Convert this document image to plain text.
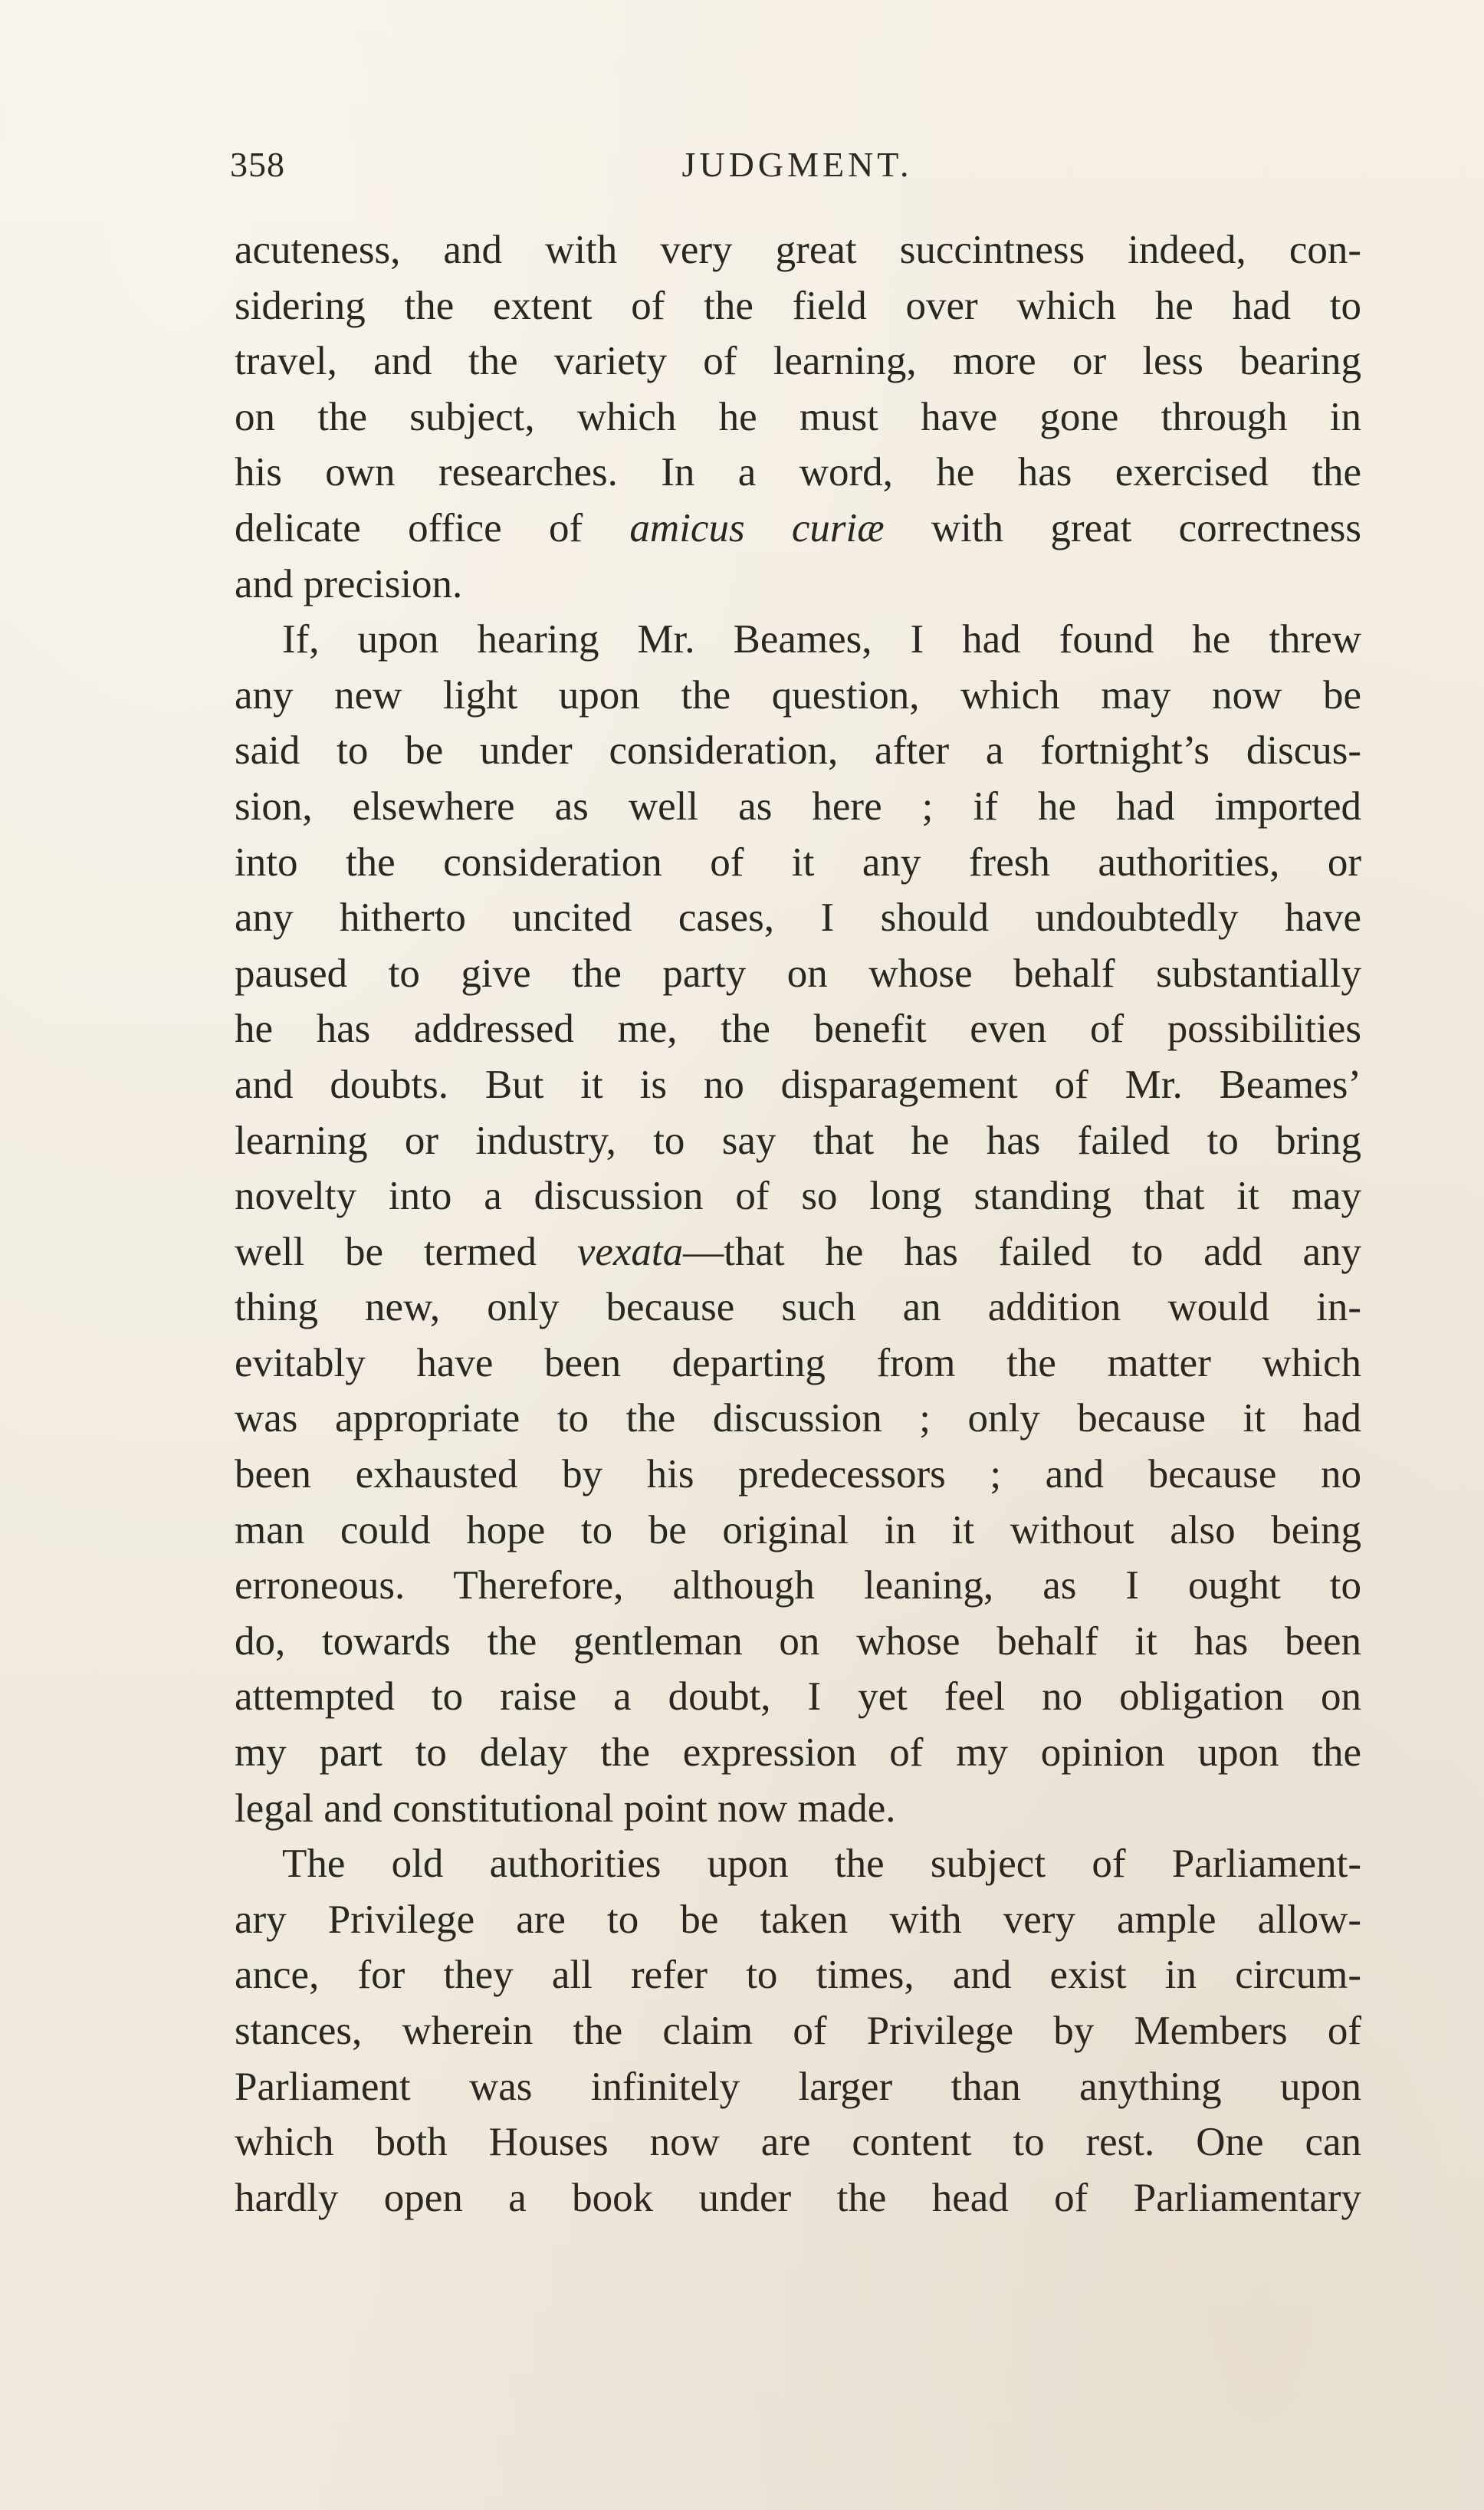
358	JUDGMENT.
acuteness, and with very great succintness indeed, con-
sidering the extent of the field over which he had to
travel, and the variety of learning, more or less bearing
on the subject, which he must have gone through in
his own researches. In a word, he has exercised the
delicate office of amicus curiæ with great correctness
and precision.
If, upon hearing Mr. Beames, I had found he threw
any new light upon the question, which may now be
said to be under consideration, after a fortnight’s discus-
sion, elsewhere as well as here ; if he had imported
into the consideration of it any fresh authorities, or
any hitherto uncited cases, I should undoubtedly have
paused to give the party on whose behalf substantially
he has addressed me, the benefit even of possibilities
and doubts. But it is no disparagement of Mr. Beames’
learning or industry, to say that he has failed to bring
novelty into a discussion of so long standing that it may
well be termed vexata—that he has failed to add any
thing new, only because such an addition would in-
evitably have been departing from the matter which
was appropriate to the discussion ; only because it had
been exhausted by his predecessors ; and because no
man could hope to be original in it without also being
erroneous. Therefore, although leaning, as I ought to
do, towards the gentleman on whose behalf it has been
attempted to raise a doubt, I yet feel no obligation on
my part to delay the expression of my opinion upon the
legal and constitutional point now made.
The old authorities upon the subject of Parliament-
ary Privilege are to be taken with very ample allow-
ance, for they all refer to times, and exist in circum-
stances, wherein the claim of Privilege by Members of
Parliament was infinitely larger than anything upon
which both Houses now are content to rest. One can
hardly open a book under the head of Parliamentary
